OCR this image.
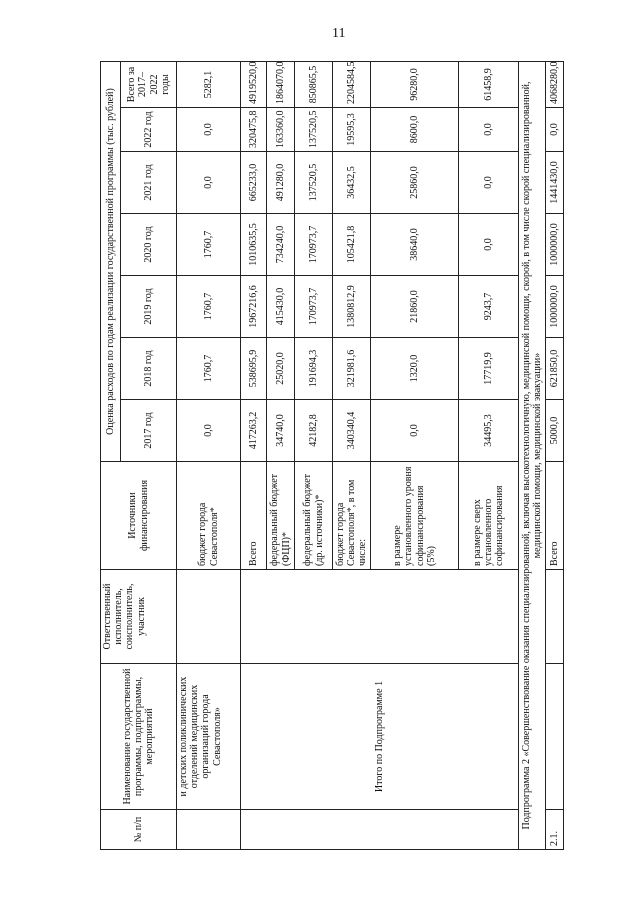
11
№ п/п	Наименование государственной программы, подпрограммы, мероприятий	Ответственный исполнитель, соисполнитель, участник	Источники финансирования	Оценка расходов по годам реализации государственной программы (тыс. рублей)						
				2017 год	2018 год	2019 год	2020 год	2021 год	2022 год	Всего за 2017–2022 годы
	и детских поликлинических отделений медицинских организаций города Севастополя»		бюджет города Севастополя*	0,0	1760,7	1760,7	1760,7	0,0	0,0	5282,1
	Итого по Подпрограмме 1		Всего	417263,2	538695,9	1967216,6	1010635,5	665233,0	320475,8	4919520,0
			федеральный бюджет (ФЦП)*	34740,0	25020,0	415430,0	734240,0	491280,0	163360,0	1864070,0
			федеральный бюджет (др. источники)*	42182,8	191694,3	170973,7	170973,7	137520,5	137520,5	850865,5
			бюджет города Севастополя*, в том числе:	340340,4	321981,6	1380812,9	105421,8	36432,5	19595,3	2204584,5
			в размере установленного уровня софинансирования (5%)	0,0	1320,0	21860,0	38640,0	25860,0	8600,0	96280,0
			в размере сверх установленного софинансирования	34495,3	17719,9	9243,7	0,0	0,0	0,0	61458,9
Подпрограмма 2 «Совершенствование оказания специализированной, включая высокотехнологичную, медицинской помощи, скорой, в том числе скорой специализированной, медицинской помощи, медицинской эвакуации»										
2.1.			Всего	5000,0	621850,0	1000000,0	1000000,0	1441430,0	0,0	4068280,0
